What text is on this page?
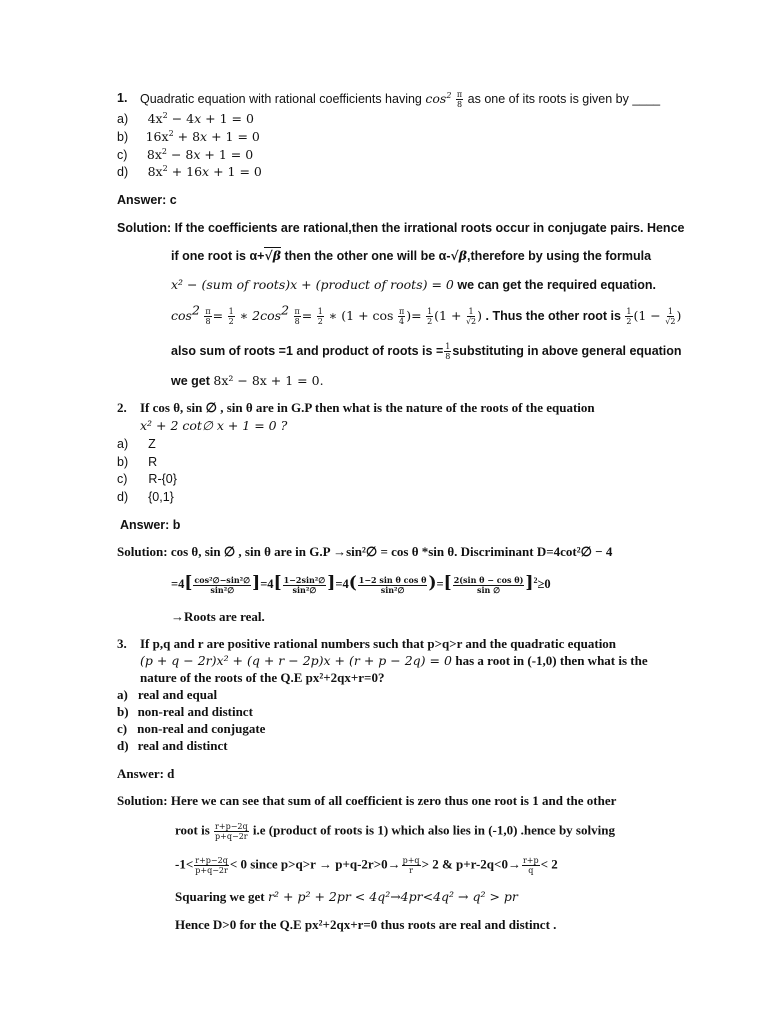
1. Quadratic equation with rational coefficients having $\cos^2 \frac{\pi}{8}$ as one of its roots is given by ____
a) $4x^2 - 4x + 1 = 0$
b) $16x^2 + 8x + 1 = 0$
c) $8x^2 - 8x + 1 = 0$
d) $8x^2 + 16x + 1 = 0$
Answer: c
Solution: If the coefficients are rational,then the irrational roots occur in conjugate pairs. Hence
if one root is α+√β then the other one will be α-√β,therefore by using the formula
x² − (sum of roots)x + (product of roots) = 0 we can get the required equation.
$\cos^2 \frac{\pi}{8} = \frac{1}{2}$ ∗ $2\cos^2 \frac{\pi}{8} = \frac{1}{2}$ ∗ ($1 + \cos \frac{\pi}{4}$ )= $\frac{1}{2} (1 + \frac{1}{√2}$ ) . Thus the other root is $\frac{1}{2} (1 - \frac{1}{√2}$ )
also sum of roots =1 and product of roots is = $\frac{1}{8}$ substituting in above general equation
we get 8x² − 8x + 1 = 0.
2. If cos θ, sin ∅ , sin θ are in G.P then what is the nature of the roots of the equation
x² + 2 cot∅ x + 1 = 0 ?
a) Z
b) R
c) R-{0}
d) {0,1}
Answer: b
Solution: cos θ, sin ∅ , sin θ are in G.P →sin²∅ = cos θ *sin θ. Discriminant D=4cot²∅ − 4
$=4[ \frac{\text{cos²∅−sin²∅}}{\text{sin²∅}} ]=4[ \frac{\text{1−2sin²∅}}{\text{sin²∅}} ]=4( \frac{\text{1−2 sin θ cos θ}}{\text{sin²∅}}$ )=[ $\frac{\text{2(sin θ − cos θ)}}{\sin \emptyset} ]^2\ge 0$
→Roots are real.
3. If p,q and r are positive rational numbers such that p>q>r and the quadratic equation
(p + q − 2r)x² + (q + r − 2p)x + (r + p − 2q) = 0 has a root in (-1,0) then what is the
nature of the roots of the Q.E px²+2qx+r=0?
a) real and equal
b) non-real and distinct
c) non-real and conjugate
d) real and distinct
Answer: d
Solution: Here we can see that sum of all coefficient is zero thus one root is 1 and the other
root is $\frac{r+p-2q}{p+q-2r} i.e$ (product of roots is 1) which also lies in (-1,0) .hence by solving
$-1< \frac{r+p-2q}{p+q-2r} < 0$ since $p>q>r \to p+q-2r>0\to \frac{p+q}{r} > 2$ & $p+r-2q<0\to \frac{r+p}{q} < 2$
Squaring we get r² + p² + 2pr < 4q²→4pr<4q² → q² > pr
Hence D>0 for the Q.E px²+2qx+r=0 thus roots are real and distinct .
